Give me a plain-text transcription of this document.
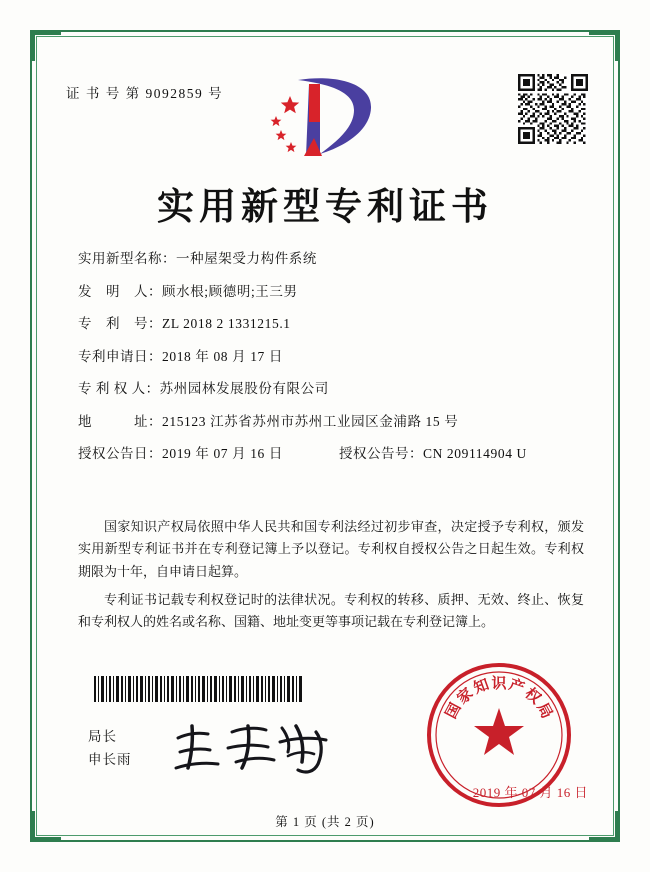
证 书 号 第 9092859 号
实用新型专利证书
实用新型名称： 一种屋架受力构件系统
发　明　人： 顾水根;顾德明;王三男
专　利　号： ZL 2018 2 1331215.1
专利申请日： 2018 年 08 月 17 日
专 利 权 人： 苏州园林发展股份有限公司
地　　　址： 215123 江苏省苏州市苏州工业园区金浦路 15 号
授权公告日： 2019 年 07 月 16 日	授权公告号： CN 209114904 U

国家知识产权局依照中华人民共和国专利法经过初步审查，决定授予专利权，颁发实用新型专利证书并在专利登记簿上予以登记。专利权自授权公告之日起生效。专利权期限为十年，自申请日起算。

专利证书记载专利权登记时的法律状况。专利权的转移、质押、无效、终止、恢复和专利权人的姓名或名称、国籍、地址变更等事项记载在专利登记簿上。

局长
申长雨
国
家
知 识 产
权
局
2019 年 07 月 16 日
第 1 页 (共 2 页)
